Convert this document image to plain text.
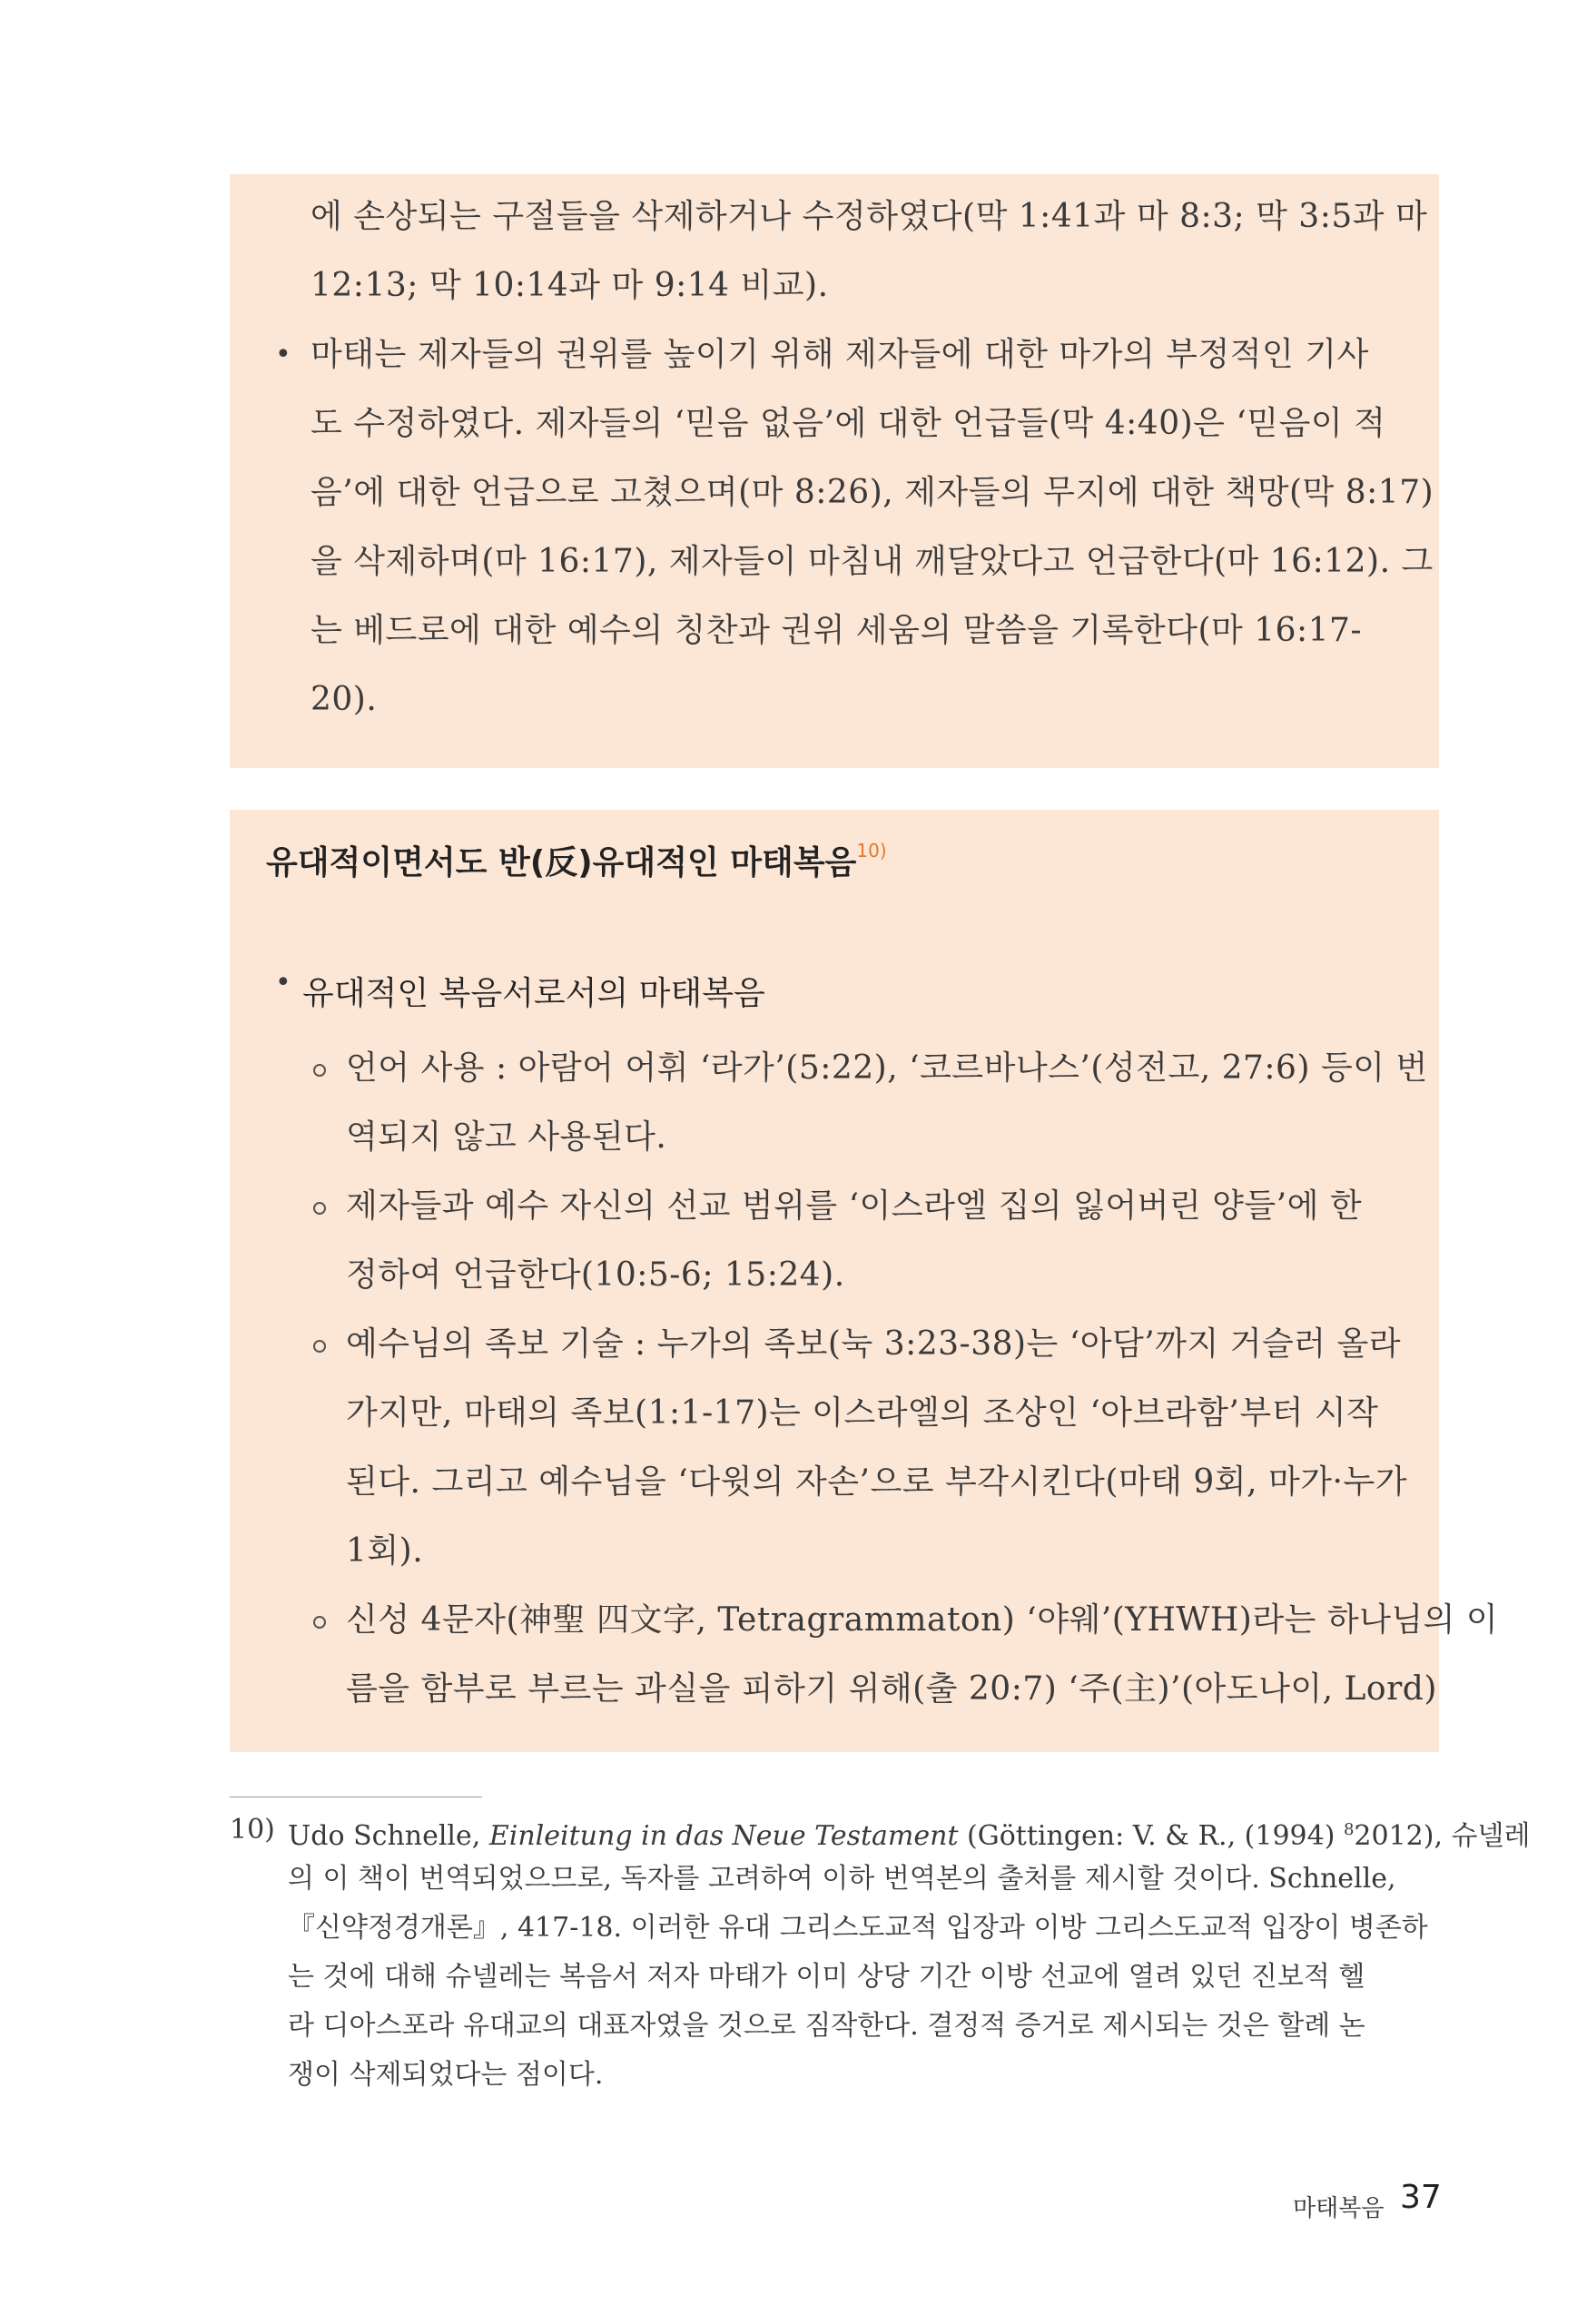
에 손상되는 구절들을 삭제하거나 수정하였다(막 1:41과 마 8:3; 막 3:5과 마
12:13; 막 10:14과 마 9:14 비교).
• 마태는 제자들의 권위를 높이기 위해 제자들에 대한 마가의 부정적인 기사
도 수정하였다. 제자들의 ‘믿음 없음’에 대한 언급들(막 4:40)은 ‘믿음이 적
음’에 대한 언급으로 고쳤으며(마 8:26), 제자들의 무지에 대한 책망(막 8:17)
을 삭제하며(마 16:17), 제자들이 마침내 깨달았다고 언급한다(마 16:12). 그
는 베드로에 대한 예수의 칭찬과 권위 세움의 말씀을 기록한다(마 16:17-
20).
유대적이면서도 반(反)유대적인 마태복음$^{10)}$
• 유대적인 복음서로서의 마태복음
언어 사용 : 아람어 어휘 ‘라가’(5:22), ‘코르바나스’(성전고, 27:6) 등이 번
역되지 않고 사용된다.
제자들과 예수 자신의 선교 범위를 ‘이스라엘 집의 잃어버린 양들’에 한
정하여 언급한다(10:5-6; 15:24).
예수님의 족보 기술 : 누가의 족보(눅 3:23-38)는 ‘아담’까지 거슬러 올라
가지만, 마태의 족보(1:1-17)는 이스라엘의 조상인 ‘아브라함’부터 시작
된다. 그리고 예수님을 ‘다윗의 자손’으로 부각시킨다(마태 9회, 마가·누가
1회).
신성 4문자(神聖 四文字, Tetragrammaton) ‘야웨’(YHWH)라는 하나님의 이
름을 함부로 부르는 과실을 피하기 위해(출 20:7) ‘주(主)’(아도나이, Lord)
10) Udo Schnelle, Einleitung in das Neue Testament (Göttingen: V. & R., (1994) $^8$2012), 슈넬레
의 이 책이 번역되었으므로, 독자를 고려하여 이하 번역본의 출처를 제시할 것이다. Schnelle,
『신약정경개론』, 417-18. 이러한 유대 그리스도교적 입장과 이방 그리스도교적 입장이 병존하
는 것에 대해 슈넬레는 복음서 저자 마태가 이미 상당 기간 이방 선교에 열려 있던 진보적 헬
라 디아스포라 유대교의 대표자였을 것으로 짐작한다. 결정적 증거로 제시되는 것은 할례 논
쟁이 삭제되었다는 점이다.
마태복음 37
